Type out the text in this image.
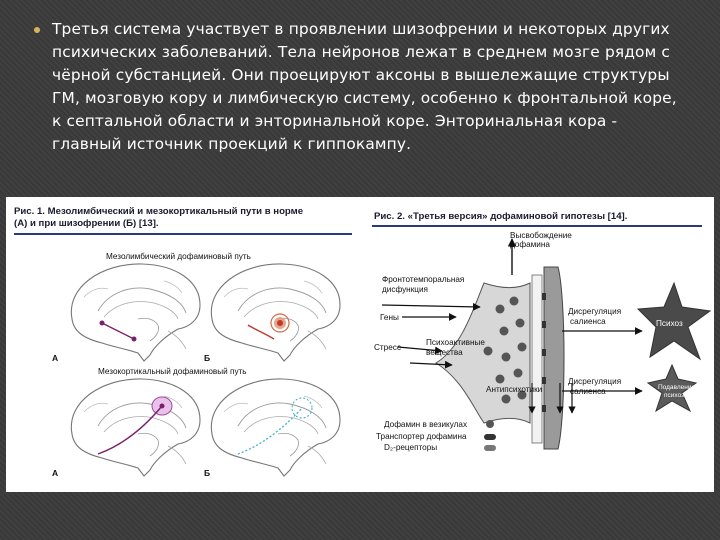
Третья система участвует в проявлении шизофрении и некоторых других психических заболеваний. Тела нейронов лежат в среднем мозге рядом с чёрной субстанцией. Они проецируют аксоны в вышележащие структуры ГМ, мозговую кору и лимбическую систему, особенно к фронтальной коре, к септальной области и энторинальной коре. Энторинальная кора - главный источник проекций к гиппокампу.
Рис. 1. Мезолимбический и мезокортикальный пути в норме
(А) и при шизофрении (Б) [13].
Мезолимбический дофаминовый путь
Мезокортикальный дофаминовый путь
А	Б
А	Б
Рис. 2. «Третья версия» дофаминовой гипотезы [14].
Высвобождение
дофамина
Фронтотемпоральная
дисфункция
Гены
Стресс
Психоактивные
вещества
Дисрегуляция
салиенса	Психоз
Антипсихотики
Дисрегуляция
салиенса	Подавление
психоза
Дофамин в везикулах
Транспортер дофамина
D₂-рецепторы
